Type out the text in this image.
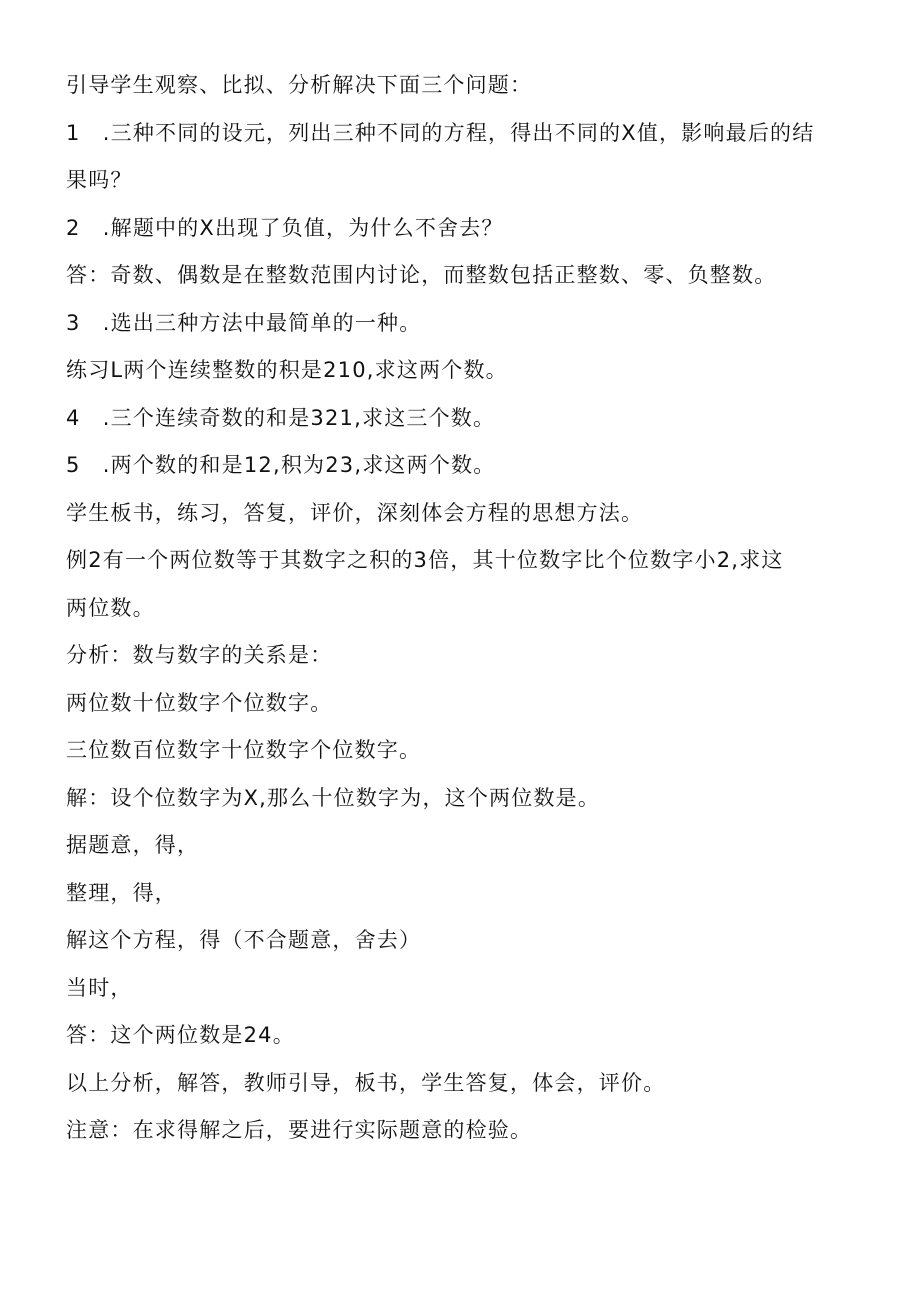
引导学生观察、比拟、分析解决下面三个问题：

1　.三种不同的设元，列出三种不同的方程，得出不同的X值，影响最后的结

果吗？

2　.解题中的X出现了负值，为什么不舍去？

答：奇数、偶数是在整数范围内讨论，而整数包括正整数、零、负整数。

3　.选出三种方法中最简单的一种。

练习L两个连续整数的积是210,求这两个数。

4　.三个连续奇数的和是321,求这三个数。

5　.两个数的和是12,积为23,求这两个数。

学生板书，练习，答复，评价，深刻体会方程的思想方法。

例2有一个两位数等于其数字之积的3倍，其十位数字比个位数字小2,求这

两位数。

分析：数与数字的关系是：

两位数十位数字个位数字。

三位数百位数字十位数字个位数字。

解：设个位数字为X,那么十位数字为，这个两位数是。

据题意，得，

整理，得，

解这个方程，得（不合题意，舍去）

当时，

答：这个两位数是24。

以上分析，解答，教师引导，板书，学生答复，体会，评价。

注意：在求得解之后，要进行实际题意的检验。
